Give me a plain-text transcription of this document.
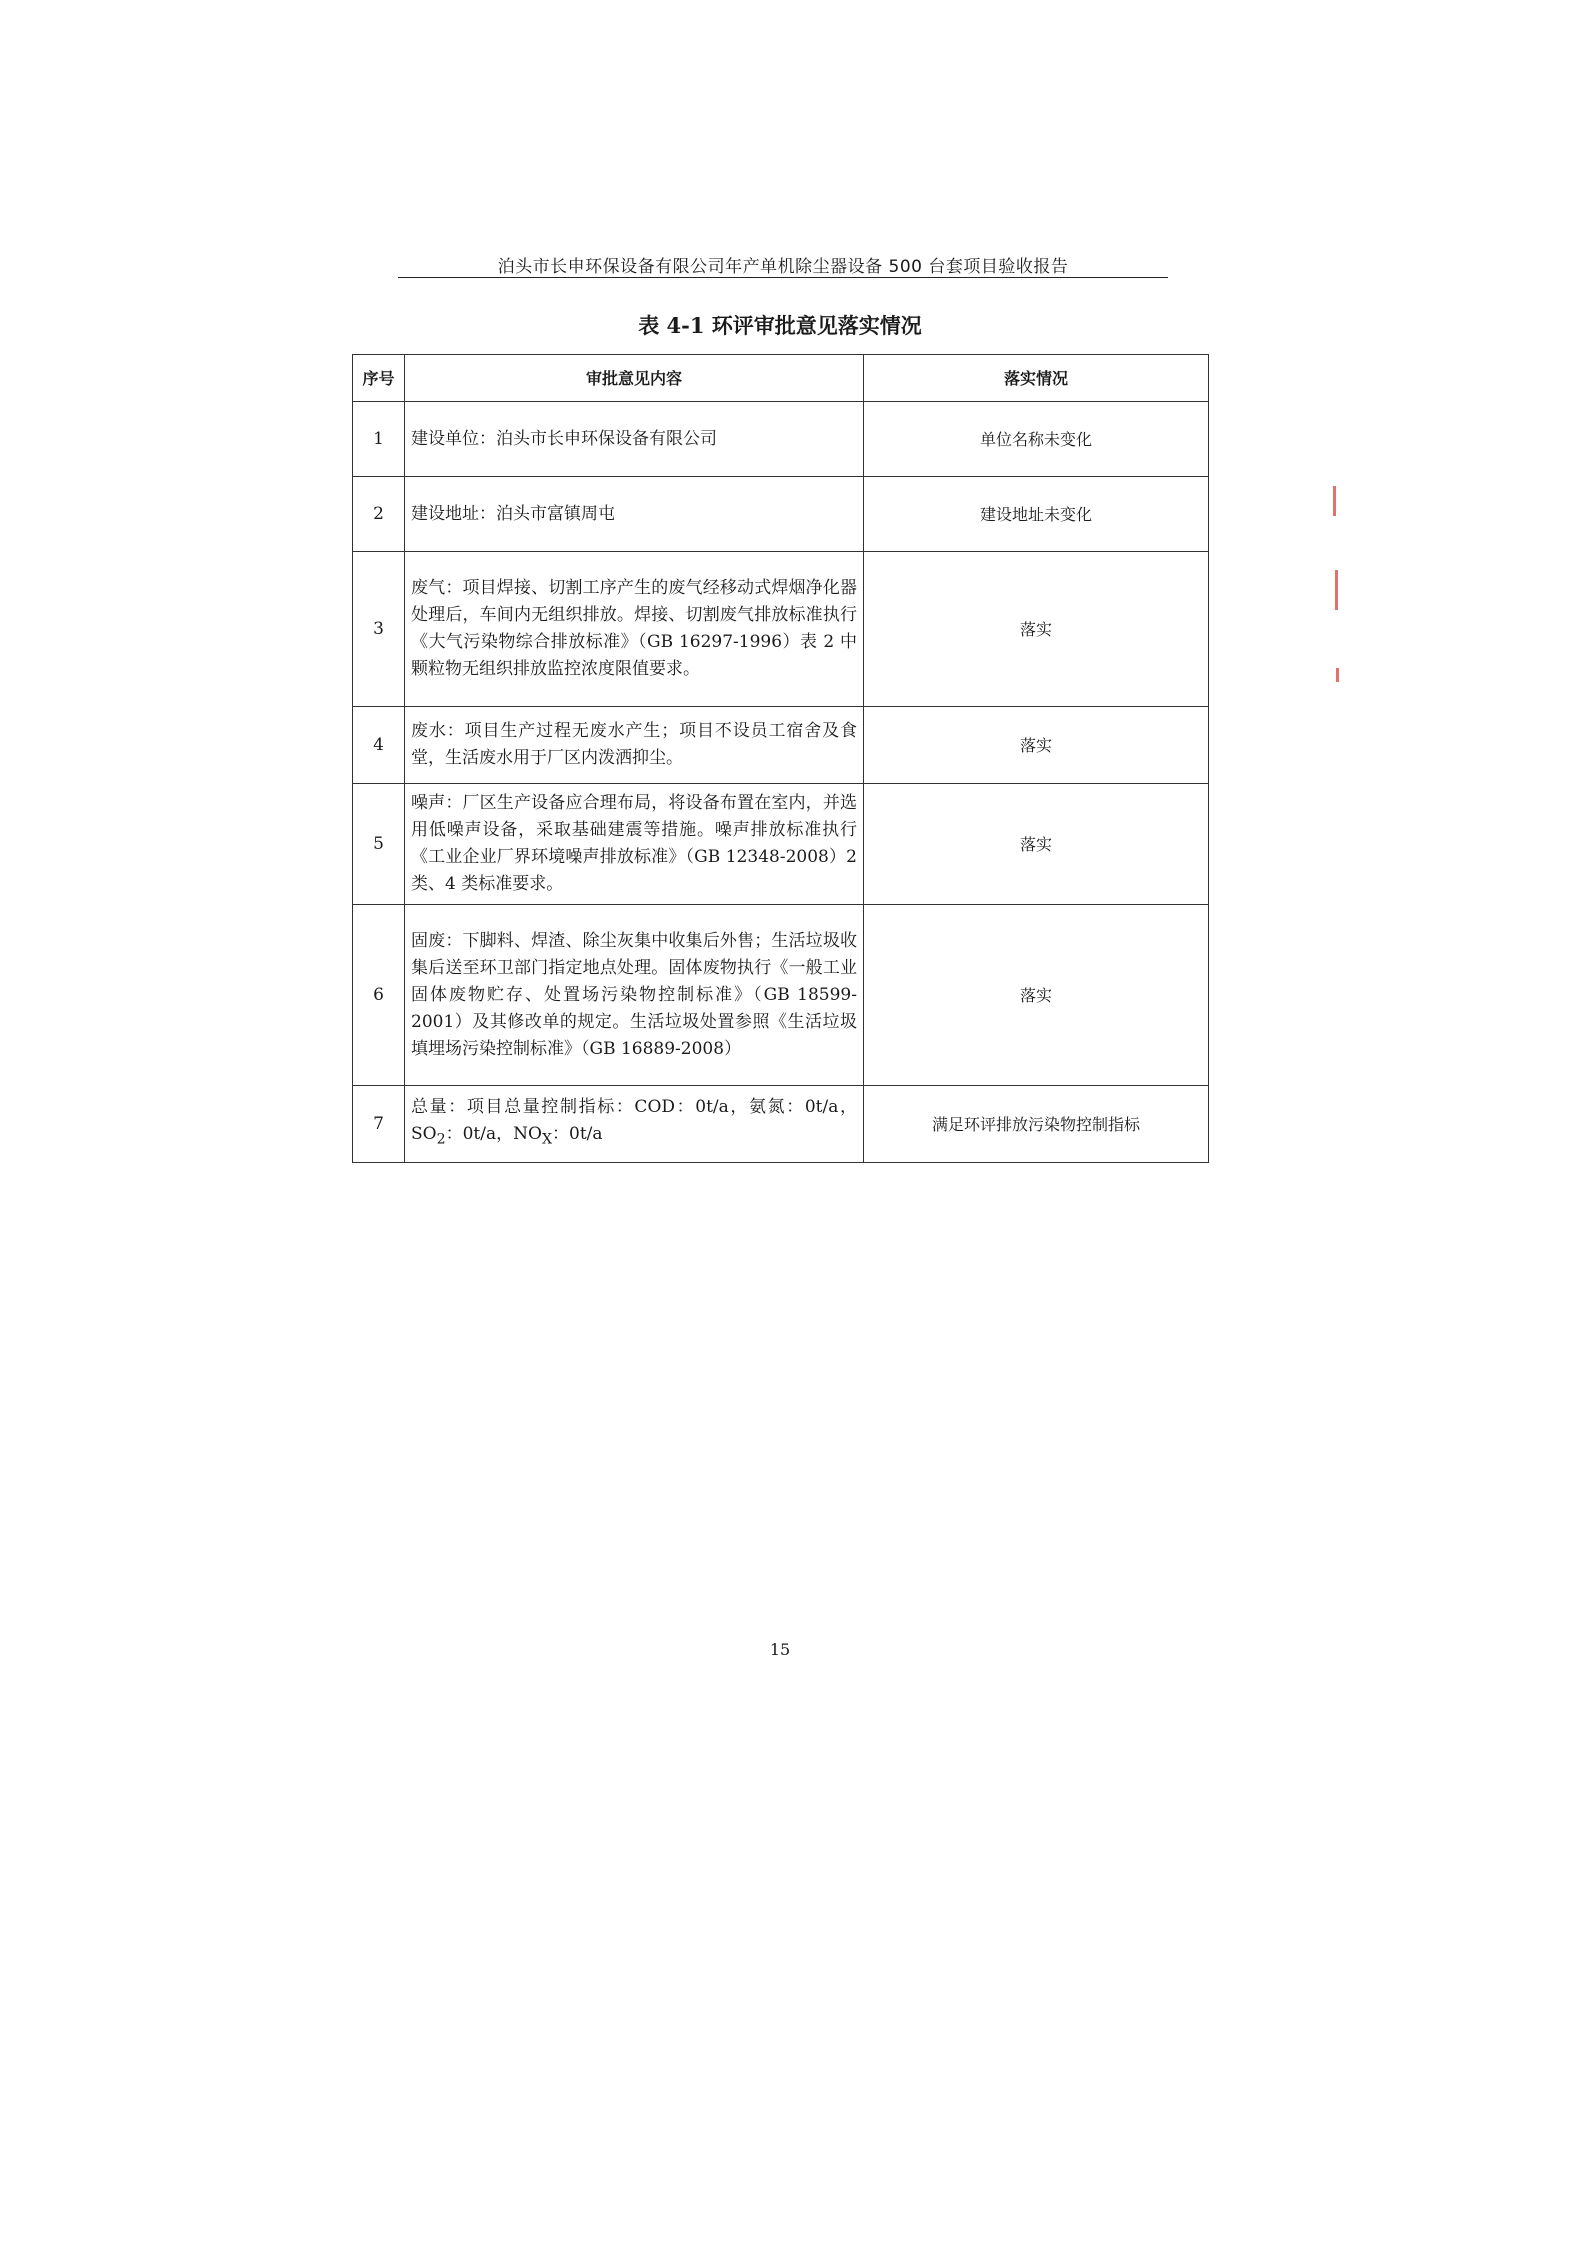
泊头市长申环保设备有限公司年产单机除尘器设备 500 台套项目验收报告
表 4-1 环评审批意见落实情况
序号	审批意见内容	落实情况
1	建设单位：泊头市长申环保设备有限公司	单位名称未变化
2	建设地址：泊头市富镇周屯	建设地址未变化
3	废气：项目焊接、切割工序产生的废气经移动式焊烟净化器处理后，车间内无组织排放。焊接、切割废气排放标准执行《大气污染物综合排放标准》（GB 16297-1996）表 2 中颗粒物无组织排放监控浓度限值要求。	落实
4	废水：项目生产过程无废水产生；项目不设员工宿舍及食堂，生活废水用于厂区内泼洒抑尘。	落实
5	噪声：厂区生产设备应合理布局，将设备布置在室内，并选用低噪声设备，采取基础建震等措施。噪声排放标准执行《工业企业厂界环境噪声排放标准》（GB 12348-2008）2 类、4 类标准要求。	落实
6	固废：下脚料、焊渣、除尘灰集中收集后外售；生活垃圾收集后送至环卫部门指定地点处理。固体废物执行《一般工业固体废物贮存、处置场污染物控制标准》（GB 18599-2001）及其修改单的规定。生活垃圾处置参照《生活垃圾填埋场污染控制标准》（GB 16889-2008）	落实
7	总量：项目总量控制指标：COD：0t/a，氨氮：0t/a，$SO_2$：0t/a，$NO_X$：0t/a	满足环评排放污染物控制指标
15
